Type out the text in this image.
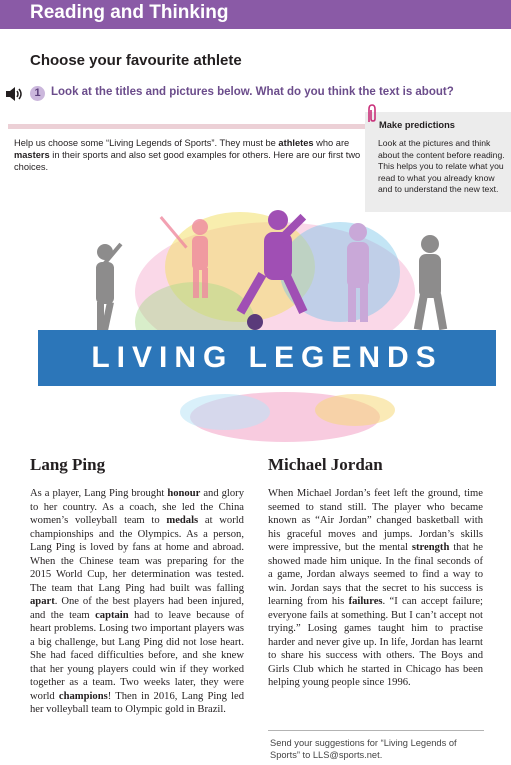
Reading and Thinking
Choose your favourite athlete
1 Look at the titles and pictures below. What do you think the text is about?
Help us choose some “Living Legends of Sports”. They must be athletes who are masters in their sports and also set good examples for others. Here are our first two choices.
Make predictions
Look at the pictures and think about the content before reading. This helps you to relate what you read to what you already know and to understand the new text.
LIVING LEGENDS
Lang Ping
As a player, Lang Ping brought honour and glory to her country. As a coach, she led the China women’s volleyball team to medals at world championships and the Olympics. As a person, Lang Ping is loved by fans at home and abroad. When the Chinese team was preparing for the 2015 World Cup, her determination was tested. The team that Lang Ping had built was falling apart. One of the best players had been injured, and the team captain had to leave because of heart problems. Losing two important players was a big challenge, but Lang Ping did not lose heart. She had faced difficulties before, and she knew that her young players could win if they worked together as a team. Two weeks later, they were world champions! Then in 2016, Lang Ping led her volleyball team to Olympic gold in Brazil.
Michael Jordan
When Michael Jordan’s feet left the ground, time seemed to stand still. The player who became known as “Air Jordan” changed basketball with his graceful moves and jumps. Jordan’s skills were impressive, but the mental strength that he showed made him unique. In the final seconds of a game, Jordan always seemed to find a way to win. Jordan says that the secret to his success is learning from his failures. “I can accept failure; everyone fails at something. But I can’t accept not trying.” Losing games taught him to practise harder and never give up. In life, Jordan has learnt to share his success with others. The Boys and Girls Club which he started in Chicago has been helping young people since 1996.
Send your suggestions for “Living Legends of Sports” to LLS@sports.net.
